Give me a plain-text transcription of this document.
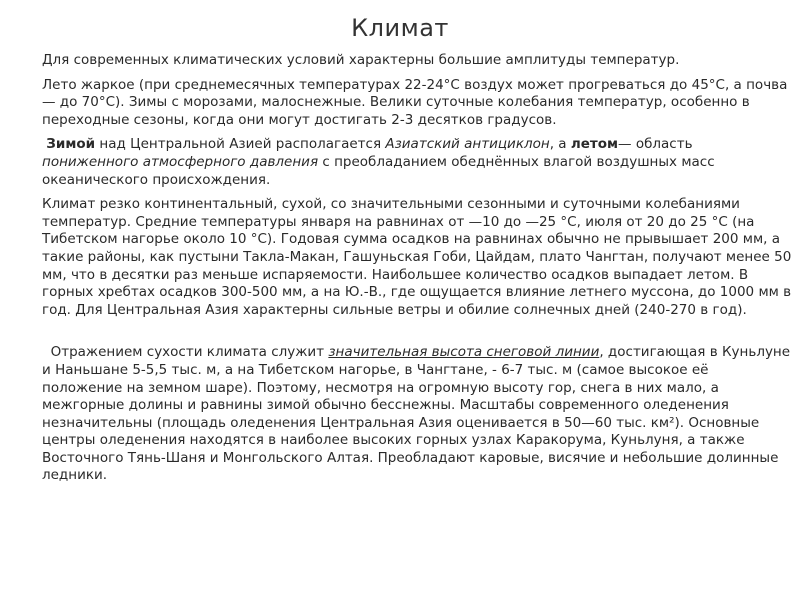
Климат

Для современных климатических условий характерны большие амплитуды температур.

Лето жаркое (при среднемесячных температурах 22-24°С воздух может прогреваться до 45°С, а почва — до 70°С). Зимы с морозами, малоснежные. Велики суточные колебания температур, особенно в переходные сезоны, когда они могут достигать 2-3 десятков градусов.

Зимой над Центральной Азией располагается Азиатский антициклон, а летом— область пониженного атмосферного давления с преобладанием обеднённых влагой воздушных масс океанического происхождения.

Климат резко континентальный, сухой, со значительными сезонными и суточными колебаниями температур. Средние температуры января на равнинах от —10 до —25 °С, июля от 20 до 25 °С (на Тибетском нагорье около 10 °С). Годовая сумма осадков на равнинах обычно не прывышает 200 мм, а такие районы, как пустыни Такла-Макан, Гашуньская Гоби, Цайдам, плато Чангтан, получают менее 50 мм, что в десятки раз меньше испаряемости. Наибольшее количество осадков выпадает летом. В горных хребтах осадков 300-500 мм, а на Ю.-В., где ощущается влияние летнего муссона, до 1000 мм в год. Для Центральная Азия характерны сильные ветры и обилие солнечных дней (240-270 в год).

Отражением сухости климата служит значительная высота снеговой линии, достигающая в Куньлуне и Наньшане 5-5,5 тыс. м, а на Тибетском нагорье, в Чангтане, - 6-7 тыс. м (самое высокое её положение на земном шаре). Поэтому, несмотря на огромную высоту гор, снега в них мало, а межгорные долины и равнины зимой обычно бесснежны. Масштабы современного оледенения незначительны (площадь оледенения Центральная Азия оценивается в 50—60 тыс. км²). Основные центры оледенения находятся в наиболее высоких горных узлах Каракорума, Куньлуня, а также Восточного Тянь-Шаня и Монгольского Алтая. Преобладают каровые, висячие и небольшие долинные ледники.
